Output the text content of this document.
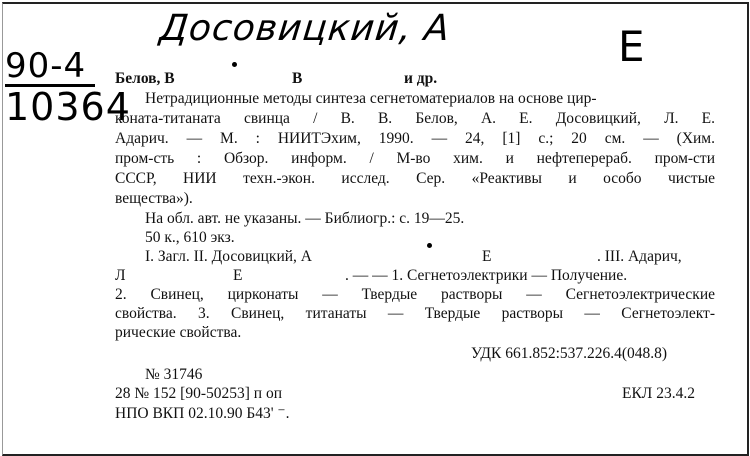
Досовицкий, А	Е
90-4
10364
Белов, В	В	и др.
Нетрадиционные методы синтеза сегнетоматериалов на основе цир-
коната-титаната свинца / В. В. Белов, А. Е. Досовицкий, Л. Е.
Адарич. — М. : НИИТЭхим, 1990. — 24, [1] с.; 20 см. — (Хим.
пром-сть : Обзор. информ. / М-во хим. и нефтеперераб. пром-сти
СССР, НИИ техн.-экон. исслед. Сер. «Реактивы и особо чистые
вещества»).
На обл. авт. не указаны. — Библиогр.: с. 19—25.
50 к., 610 экз.
I. Загл. II. Досовицкий, А	Е	. III. Адарич,
Л	Е	. — — 1. Сегнетоэлектрики — Получение.
2. Свинец, цирконаты — Твердые растворы — Сегнетоэлектрические
свойства. 3. Свинец, титанаты — Твердые растворы — Сегнетоэлект-
рические свойства.
УДК 661.852:537.226.4(048.8)
№ 31746
28 № 152 [90-50253] п оп	ЕКЛ 23.4.2
НПО ВКП 02.10.90 Б43' ⁻.
